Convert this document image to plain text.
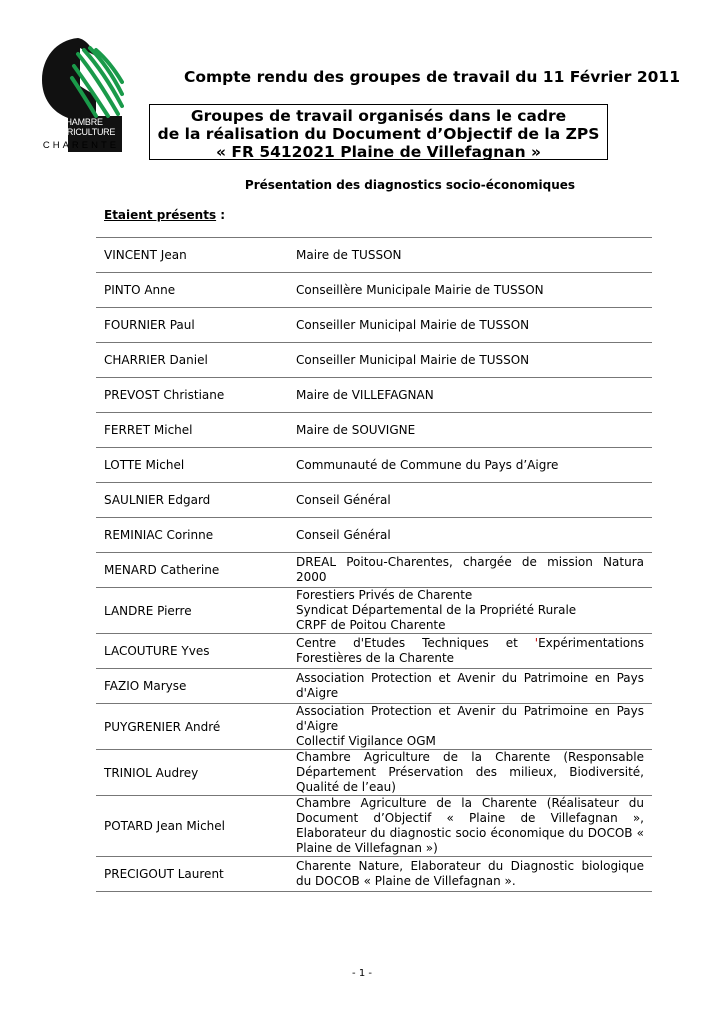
CHAMBRE
D'AGRICULTURE
CHARENTE
Compte rendu des groupes de travail du 11 Février 2011
Groupes de travail organisés dans le cadre
de la réalisation du Document d’Objectif de la ZPS
« FR 5412021 Plaine de Villefagnan »
Présentation des diagnostics socio-économiques
Etaient présents :
VINCENT Jean	Maire de TUSSON

PINTO Anne	Conseillère Municipale Mairie de TUSSON

FOURNIER Paul	Conseiller Municipal Mairie de TUSSON

CHARRIER Daniel	Conseiller Municipal Mairie de TUSSON

PREVOST Christiane	Maire de VILLEFAGNAN

FERRET Michel	Maire de SOUVIGNE

LOTTE Michel	Communauté de Commune du Pays d’Aigre

SAULNIER Edgard	Conseil Général

REMINIAC Corinne	Conseil Général

MENARD Catherine	DREAL Poitou-Charentes, chargée de mission Natura 2000

LANDRE Pierre	Forestiers Privés de Charente
Syndicat Départemental de la Propriété Rurale
CRPF de Poitou Charente

LACOUTURE Yves	Centre d'Etudes Techniques et 'Expérimentations Forestières de la Charente
FAZIO Maryse	Association Protection et Avenir du Patrimoine en Pays d'Aigre

PUYGRENIER André	Association Protection et Avenir du Patrimoine en Pays d'Aigre
Collectif Vigilance OGM

TRINIOL Audrey	Chambre Agriculture de la Charente (Responsable Département Préservation des milieux, Biodiversité, Qualité de l’eau)

POTARD Jean Michel	Chambre Agriculture de la Charente (Réalisateur du Document d’Objectif « Plaine de Villefagnan », Elaborateur du diagnostic socio économique du DOCOB « Plaine de Villefagnan »)

PRECIGOUT Laurent	Charente Nature, Elaborateur du Diagnostic biologique du DOCOB « Plaine de Villefagnan ».
- 1 -
